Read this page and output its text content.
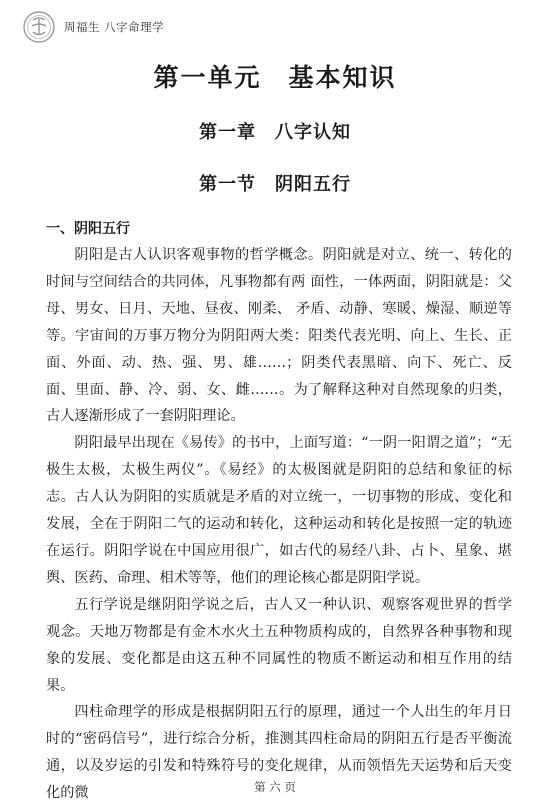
周福生 八字命理学
第一单元　基本知识
第一章　八字认知
第一节　阴阳五行
一、阴阳五行

阴阳是古人认识客观事物的哲学概念。阴阳就是对立、统一、转化的时间与空间结合的共同体，凡事物都有两 面性，一体两面，阴阳就是：父母、男女、日月、天地、昼夜、刚柔、 矛盾、动静、寒暖、燥湿、顺逆等等。宇宙间的万事万物分为阴阳两大类：阳类代表光明、向上、生长、正面、外面、动、热、强、男、雄……；阴类代表黑暗、向下、死亡、反面、里面、静、冷、弱、女、雌……。为了解释这种对自然现象的归类，古人逐渐形成了一套阴阳理论。

阴阳最早出现在《易传》的书中，上面写道：“一阴一阳谓之道”；“无极生太极，太极生两仪”。《易经》的太极图就是阴阳的总结和象征的标志。古人认为阴阳的实质就是矛盾的对立统一，一切事物的形成、变化和发展，全在于阴阳二气的运动和转化，这种运动和转化是按照一定的轨迹在运行。阴阳学说在中国应用很广，如古代的易经八卦、占卜、星象、堪舆、医药、命理、相术等等，他们的理论核心都是阴阳学说。

五行学说是继阴阳学说之后，古人又一种认识、观察客观世界的哲学观念。天地万物都是有金木水火土五种物质构成的，自然界各种事物和现象的发展、变化都是由这五种不同属性的物质不断运动和相互作用的结果。

四柱命理学的形成是根据阴阳五行的原理，通过一个人出生的年月日时的“密码信号”，进行综合分析，推测其四柱命局的阴阳五行是否平衡流通，以及岁运的引发和特殊符号的变化规律，从而领悟先天运势和后天变化的微	第 六 页
